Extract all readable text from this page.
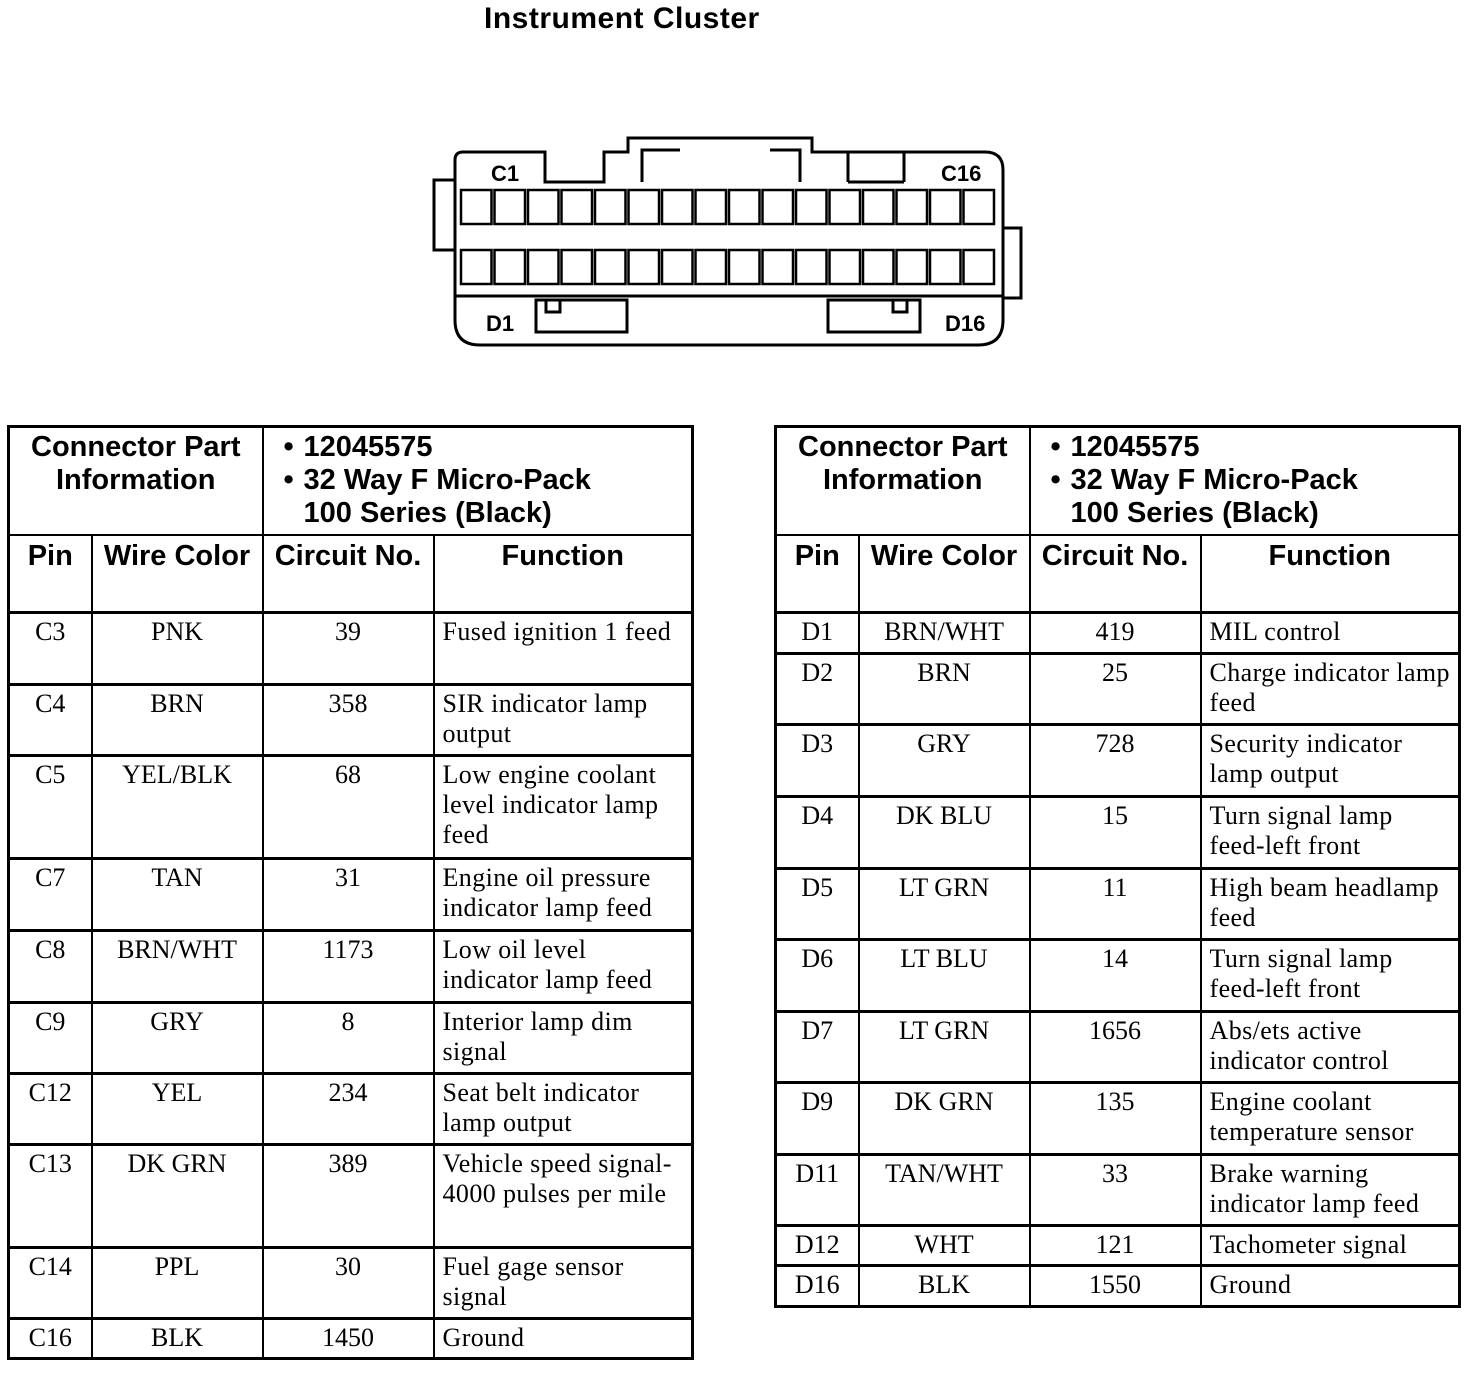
Instrument Cluster
C1	C16
D1	D16
Connector Part Information		• 12045575
• 32 Way F Micro-Pack
100 Series (Black)

Pin	Wire Color	Circuit No.	Function
C3	PNK	39	Fused ignition 1 feed
C4	BRN	358	SIR indicator lamp output
C5	YEL/BLK	68	Low engine coolant level indicator lamp feed
C7	TAN	31	Engine oil pressure indicator lamp feed
C8	BRN/WHT	1173	Low oil level indicator lamp feed
C9	GRY	8	Interior lamp dim signal
C12	YEL	234	Seat belt indicator lamp output
C13	DK GRN	389	Vehicle speed signal-4000 pulses per mile
C14	PPL	30	Fuel gage sensor signal
C16	BLK	1450	Ground
Connector Part Information		• 12045575
• 32 Way F Micro-Pack
100 Series (Black)

Pin	Wire Color	Circuit No.	Function
D1	BRN/WHT	419	MIL control
D2	BRN	25	Charge indicator lamp feed
D3	GRY	728	Security indicator lamp output
D4	DK BLU	15	Turn signal lamp feed-left front
D5	LT GRN	11	High beam headlamp feed
D6	LT BLU	14	Turn signal lamp feed-left front
D7	LT GRN	1656	Abs/ets active indicator control
D9	DK GRN	135	Engine coolant temperature sensor
D11	TAN/WHT	33	Brake warning indicator lamp feed
D12	WHT	121	Tachometer signal
D16	BLK	1550	Ground
